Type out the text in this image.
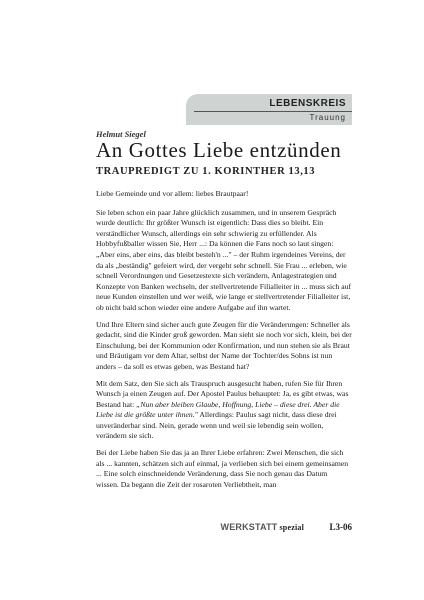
LEBENSKREIS
Trauung
Helmut Siegel
An Gottes Liebe entzünden
TRAUPREDIGT ZU 1. KORINTHER 13,13

Liebe Gemeinde und vor allem: liebes Brautpaar!

Sie leben schon ein paar Jahre glücklich zusammen, und in unserem Gespräch wurde deutlich: Ihr größter Wunsch ist eigentlich: Dass dies so bleibt. Ein verständlicher Wunsch, allerdings ein sehr schwierig zu erfüllender. Als Hobbyfußballer wissen Sie, Herr ...: Da können die Fans noch so laut singen: „Aber eins, aber eins, das bleibt besteh'n ..." – der Ruhm irgendeines Vereins, der da als „beständig" gefeiert wird, der vergeht sehr schnell. Sie Frau ... erleben, wie schnell Verordnungen und Gesetzestexte sich verändern, Anlagestrategien und Konzepte von Banken wechseln, der stellvertretende Filialleiter in ... muss sich auf neue Kunden einstellen und wer weiß, wie lange er stellvertretender Filialleiter ist, ob nicht bald schon wieder eine andere Aufgabe auf ihn wartet.

Und Ihre Eltern sind sicher auch gute Zeugen für die Veränderungen: Schneller als gedacht, sind die Kinder groß geworden. Man sieht sie noch vor sich, klein, bei der Einschulung, bei der Kommunion oder Konfirmation, und nun stehen sie als Braut und Bräutigam vor dem Altar, selbst der Name der Tochter/des Sohns ist nun anders – da soll es etwas geben, was Bestand hat?

Mit dem Satz, den Sie sich als Trauspruch ausgesucht haben, rufen Sie für Ihren Wunsch ja einen Zeugen auf. Der Apostel Paulus behauptet: Ja, es gibt etwas, was Bestand hat: „Nun aber bleiben Glaube, Hoffnung, Liebe – diese drei. Aber die Liebe ist die größte unter ihnen." Allerdings: Paulus sagt nicht, dass diese drei unveränderbar sind. Nein, gerade wenn und weil sie lebendig sein wollen, verändern sie sich.

Bei der Liebe haben Sie das ja an Ihrer Liebe erfahren: Zwei Menschen, die sich als ... kannten, schätzen sich auf einmal, ja verlieben sich bei einem gemeinsamen ... Eine solch einschneidende Veränderung, dass Sie noch genau das Datum wissen. Da begann die Zeit der rosaroten Verliebtheit, man

WERKSTATT spezial	L3-06
